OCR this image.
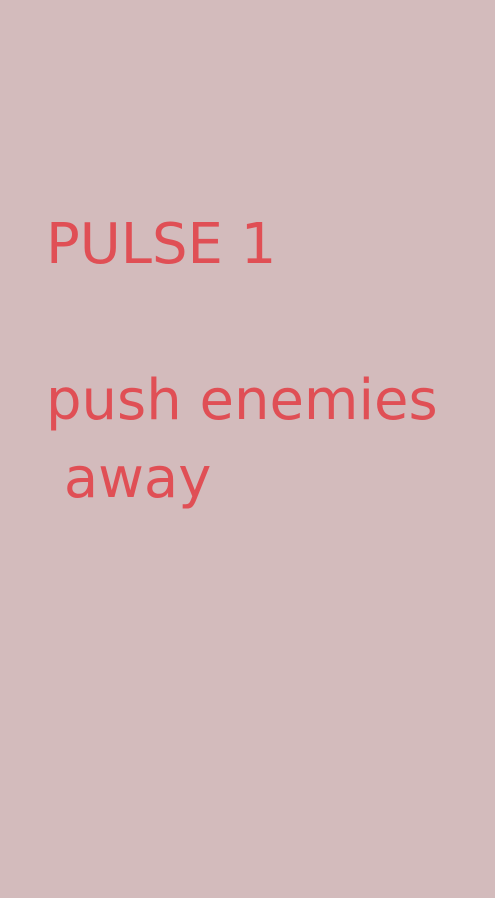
PULSE 1

push enemies
away
